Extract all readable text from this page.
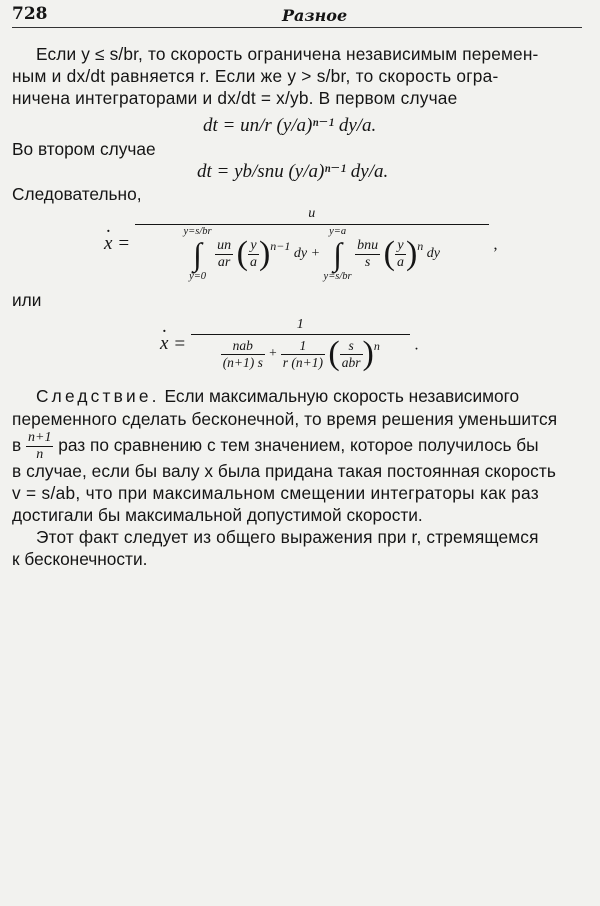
728	Разное
Если y ≤ s/br, то скорость ограничена независимым перемен-
ным и dx/dt равняется r. Если же y > s/br, то скорость огра-
ничена интеграторами и dx/dt = x/yb. В первом случае
dt = un/r (y/a)ⁿ⁻¹ dy/a.
Во втором случае
dt = yb/snu (y/a)ⁿ⁻¹ dy/a.
Следовательно,
. x =
u
y=s/br
∫
y=0
$\frac{un}{ar}$ ( $\frac{y}{a} )n-1$ dy + y=a
∫
y=s/br
$\frac{\text{bnu}}{s}$ ( $\frac{y}{a} )n$ dy
,
или
. $x = \frac{1}{\frac{\text{nab}}{(n+1) s} + \frac{1}{r (n+1)} ( \frac{s}{\text{abr}} )n}$ .
Следствие. Если максимальную скорость независимого
переменного сделать бесконечной, то время решения уменьшится
в $\frac{n+1}{n}$ раз по сравнению с тем значением, которое получилось бы
в случае, если бы валу x была придана такая постоянная скорость
v = s/ab, что при максимальном смещении интеграторы как раз
достигали бы максимальной допустимой скорости.
Этот факт следует из общего выражения при r, стремящемся
к бесконечности.
